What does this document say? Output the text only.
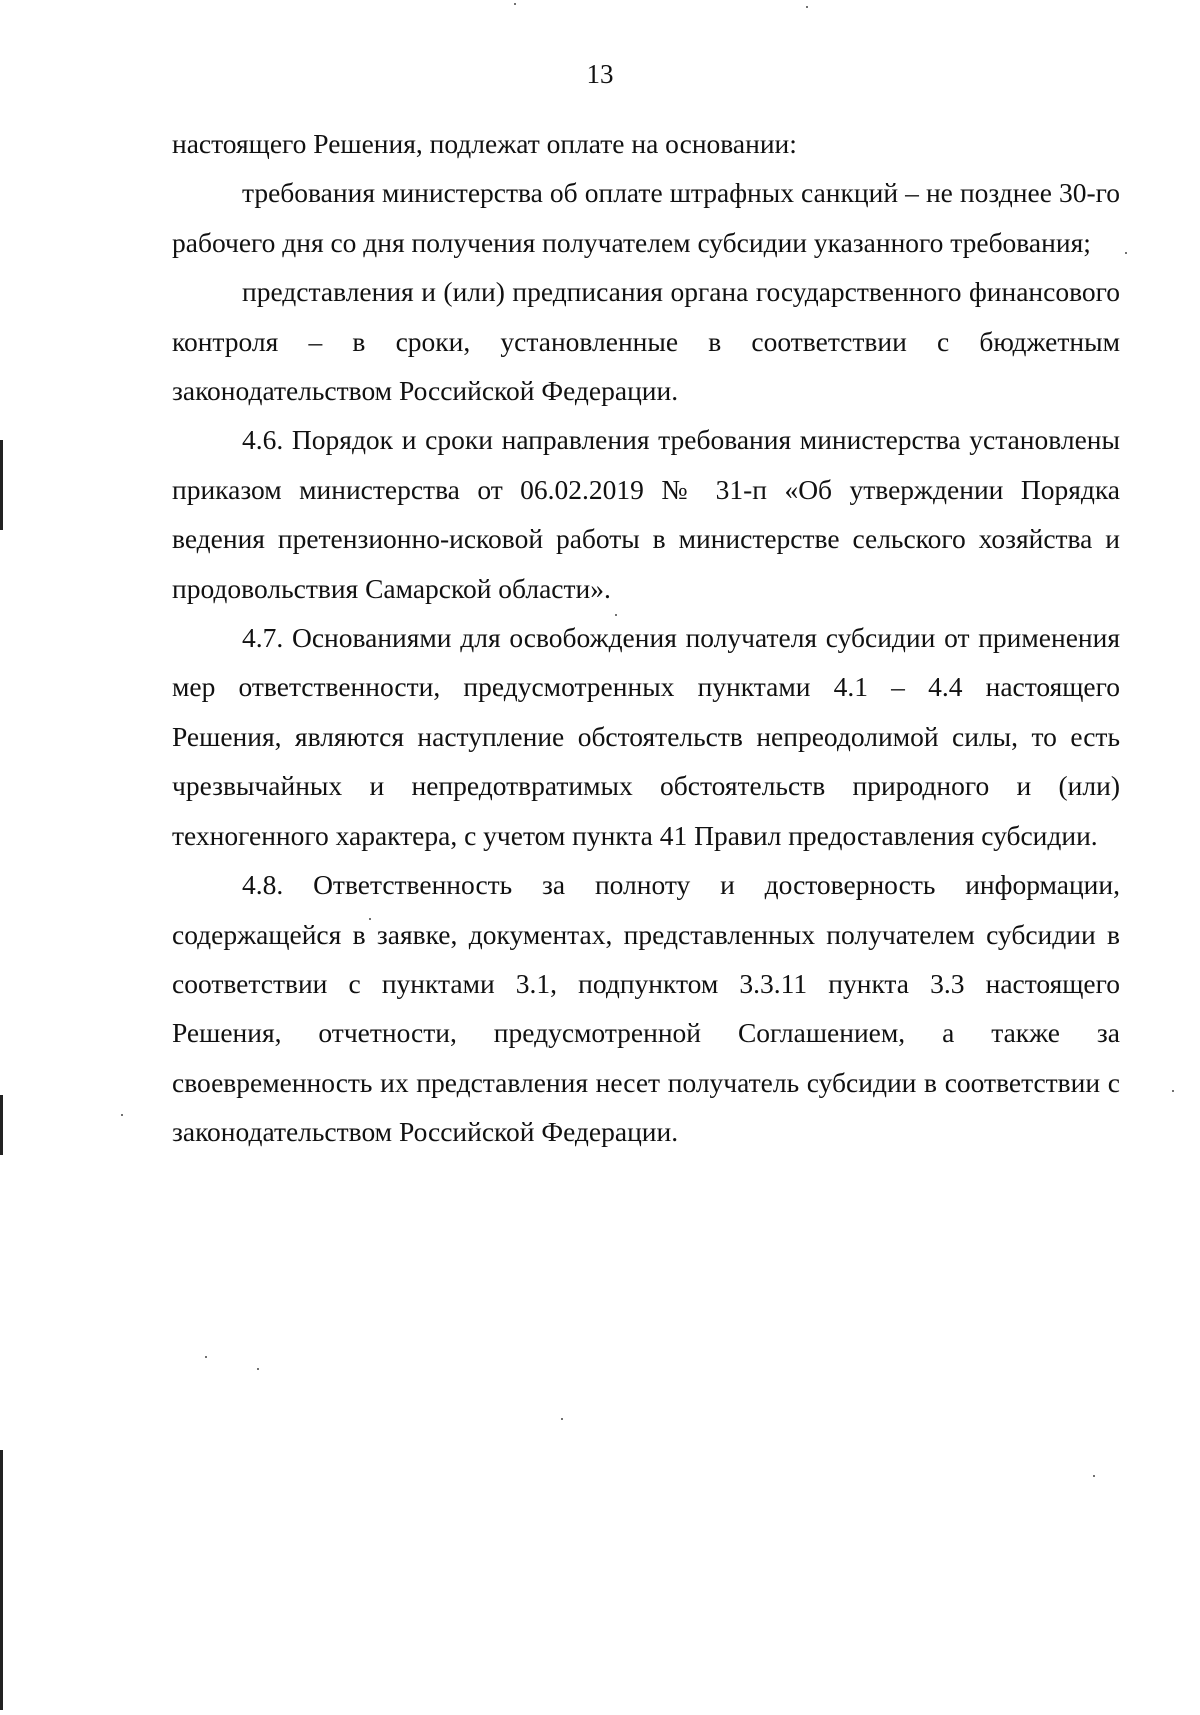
13

настоящего Решения, подлежат оплате на основании:

требования министерства об оплате штрафных санкций – не позднее 30-го рабочего дня со дня получения получателем субсидии указанного требования;

представления и (или) предписания органа государственного финансового контроля – в сроки, установленные в соответствии с бюджетным законодательством Российской Федерации.

4.6. Порядок и сроки направления требования министерства установлены приказом министерства от 06.02.2019 № 31-п «Об утверждении Порядка ведения претензионно-исковой работы в министерстве сельского хозяйства и продовольствия Самарской области».

4.7. Основаниями для освобождения получателя субсидии от применения мер ответственности, предусмотренных пунктами 4.1 – 4.4 настоящего Решения, являются наступление обстоятельств непреодолимой силы, то есть чрезвычайных и непредотвратимых обстоятельств природного и (или) техногенного характера, с учетом пункта 41 Правил предоставления субсидии.

4.8. Ответственность за полноту и достоверность информации, содержащейся в заявке, документах, представленных получателем субсидии в соответствии с пунктами 3.1, подпунктом 3.3.11 пункта 3.3 настоящего Решения, отчетности, предусмотренной Соглашением, а также за своевременность их представления несет получатель субсидии в соответствии с законодательством Российской Федерации.
